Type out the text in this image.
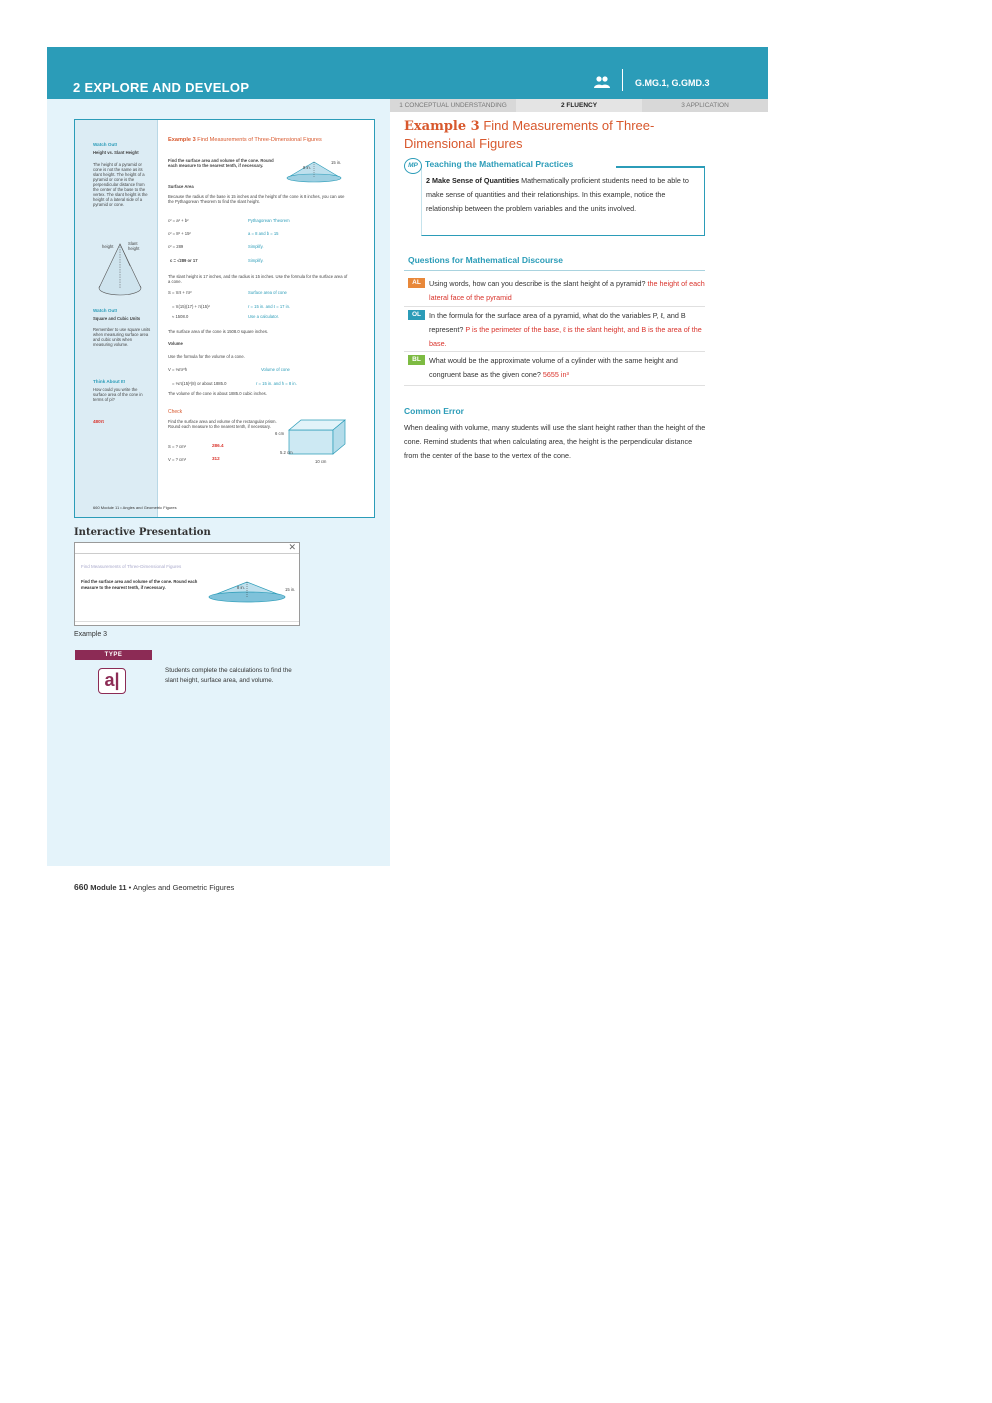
2 EXPLORE AND DEVELOP	G.MG.1, G.GMD.3
1 CONCEPTUAL UNDERSTANDING	2 FLUENCY	3 APPLICATION
Watch Out!
Height vs. Slant Height
The height of a pyramid or cone is not the same as its slant height. The height of a pyramid or cone is the perpendicular distance from the center of the base to the vertex. The slant height is the height of a lateral side of a pyramid or cone.
height
Slant height
Watch Out!
Square and Cubic Units
Remember to use square units when measuring surface area and cubic units when measuring volume.
Think About It!
How could you write the surface area of the cone in terms of pi?
480π
Example 3 Find Measurements of Three-Dimensional Figures
Find the surface area and volume of the cone. Round each measure to the nearest tenth, if necessary.	8 in.
15 in.
Surface Area
Because the radius of the base is 15 inches and the height of the cone is 8 inches, you can use the Pythagorean Theorem to find the slant height.
c² = a² + b²	Pythagorean Theorem
c² = 8² + 15²	a = 8 and b = 15
c² = 289	Simplify.
c = √289 or 17	Simplify.
The slant height is 17 inches, and the radius is 15 inches. Use the formula for the surface area of a cone.
S = πrℓ + πr²	Surface area of cone
= π(15)(17) + π(15)²	r = 15 in. and ℓ = 17 in.
≈ 1508.0	Use a calculator.
The surface area of the cone is 1508.0 square inches.
Volume
Use the formula for the volume of a cone.
V = ⅓πr²h	Volume of cone
= ⅓π(15)²(8) or about 1885.0	r = 15 in. and h = 8 in.
The volume of the cone is about 1885.0 cubic inches.
Check
Find the surface area and volume of the rectangular prism. Round each measure to the nearest tenth, if necessary.
S = ? cm²	286.4
V = ? cm³	312
6 cm
5.2 cm
10 cm
660 Module 11 • Angles and Geometric Figures
Interactive Presentation
✕
Find Measurements of Three-Dimensional Figures
Find the surface area and volume of the cone. Round each measure to the nearest tenth, if necessary.	8 in.	15 in.
Example 3
TYPE
a|	Students complete the calculations to find the slant height, surface area, and volume.
Example 3 Find Measurements of Three-Dimensional Figures
MP Teaching the Mathematical Practices
2 Make Sense of Quantities Mathematically proficient students need to be able to make sense of quantities and their relationships. In this example, notice the relationship between the problem variables and the units involved.
Questions for Mathematical Discourse
AL	Using words, how can you describe is the slant height of a pyramid? the height of each lateral face of the pyramid
OL	In the formula for the surface area of a pyramid, what do the variables P, ℓ, and B represent? P is the perimeter of the base, ℓ is the slant height, and B is the area of the base.
BL	What would be the approximate volume of a cylinder with the same height and congruent base as the given cone? 5655 in³
Common Error
When dealing with volume, many students will use the slant height rather than the height of the cone. Remind students that when calculating area, the height is the perpendicular distance from the center of the base to the vertex of the cone.
660 Module 11 • Angles and Geometric Figures
